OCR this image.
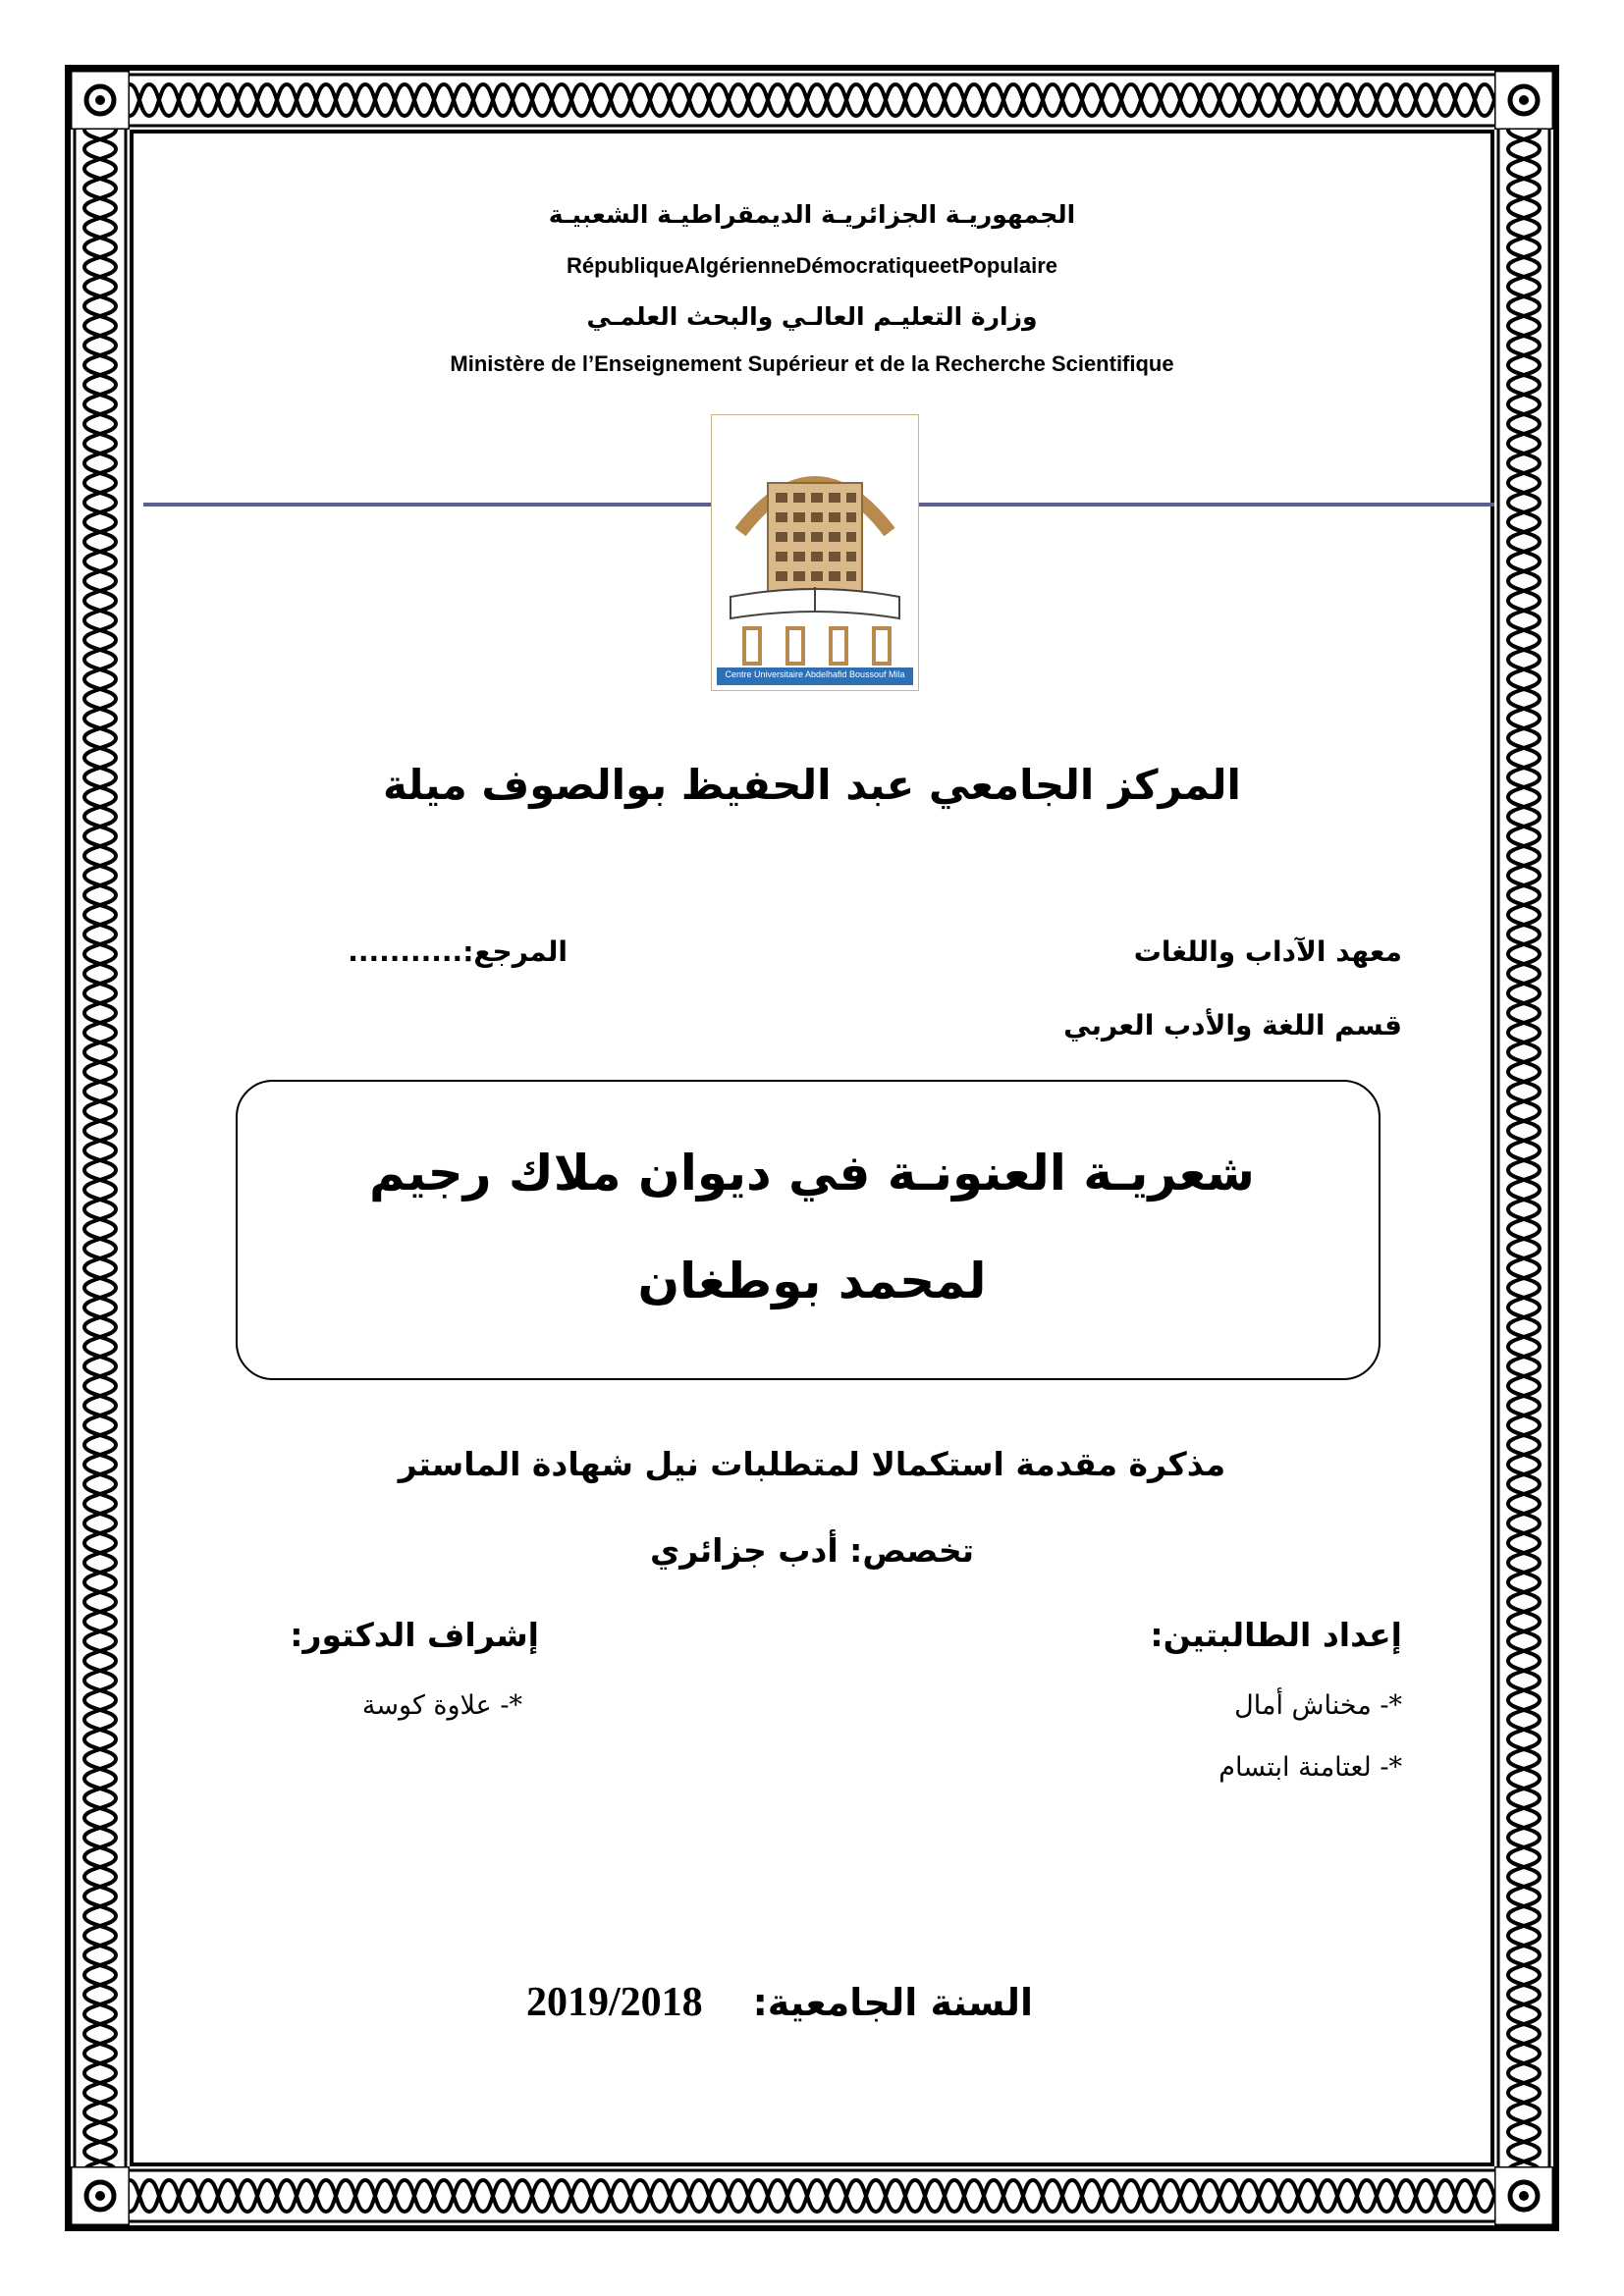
الجمهوريـة الجزائريـة الديمقراطيـة الشعبيـة
RépubliqueAlgérienneDémocratiqueetPopulaire
وزارة التعليـم العالـي والبحث العلمـي
Ministère de l’Enseignement Supérieur et de la Recherche Scientifique
Centre Universitaire Abdelhafid Boussouf Mila
المركز الجامعي عبد الحفيظ بوالصوف ميلة
معهد الآداب واللغات
المرجع:...........
قسم اللغة والأدب العربي
شعريـة العنونـة في ديوان ملاك رجيم
لمحمد بوطغان
مذكرة مقدمة استكمالا لمتطلبات نيل شهادة الماستر
تخصص: أدب جزائري
إعداد الطالبتين:
إشراف الدكتور:
*- مخناش أمال
*- لعتامنة ابتسام
*- علاوة كوسة
السنة الجامعية:
2019/2018
